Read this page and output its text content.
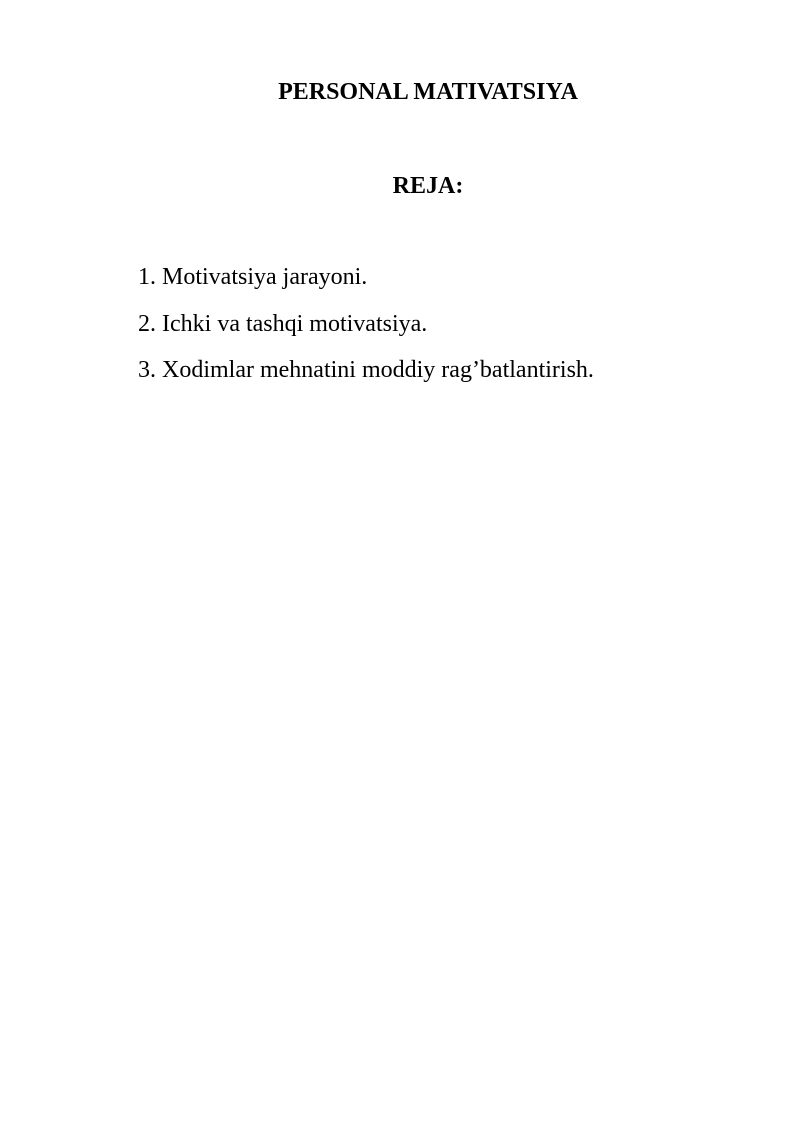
PERSONAL MATIVATSIYA
REJA:
1. Motivatsiya jarayoni.
2. Ichki va tashqi motivatsiya.
3. Xodimlar mehnatini moddiy rag’batlantirish.
